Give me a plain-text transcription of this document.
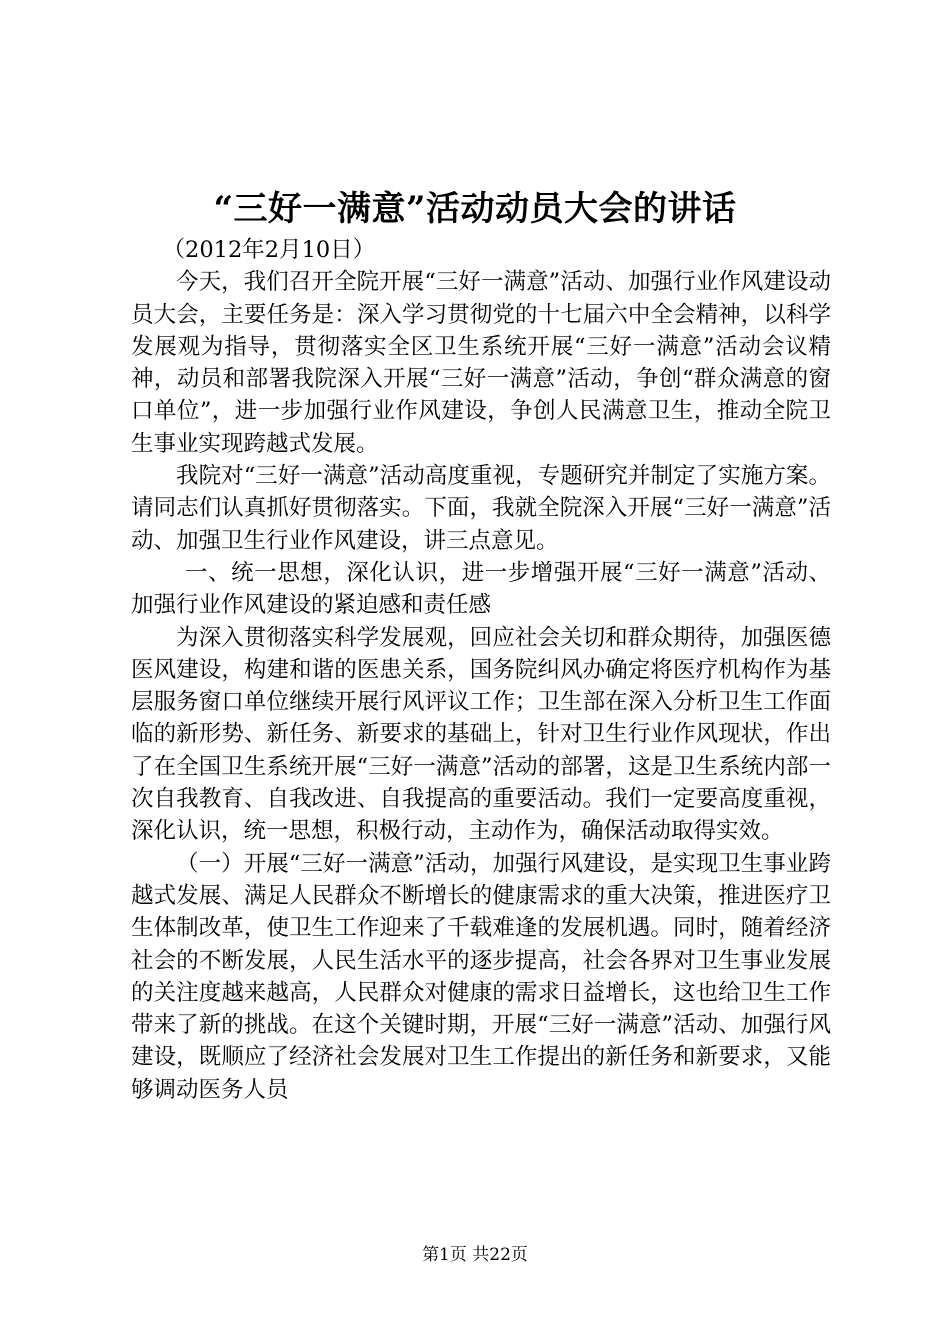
“三好一满意”活动动员大会的讲话

（2012年2月10日）

今天，我们召开全院开展“三好一满意”活动、加强行业作风建设动员大会，主要任务是：深入学习贯彻党的十七届六中全会精神，以科学发展观为指导，贯彻落实全区卫生系统开展“三好一满意”活动会议精神，动员和部署我院深入开展“三好一满意”活动，争创“群众满意的窗口单位”，进一步加强行业作风建设，争创人民满意卫生，推动全院卫生事业实现跨越式发展。

我院对“三好一满意”活动高度重视，专题研究并制定了实施方案。请同志们认真抓好贯彻落实。下面，我就全院深入开展“三好一满意”活动、加强卫生行业作风建设，讲三点意见。

一、统一思想，深化认识，进一步增强开展“三好一满意”活动、加强行业作风建设的紧迫感和责任感

为深入贯彻落实科学发展观，回应社会关切和群众期待，加强医德医风建设，构建和谐的医患关系，国务院纠风办确定将医疗机构作为基层服务窗口单位继续开展行风评议工作；卫生部在深入分析卫生工作面临的新形势、新任务、新要求的基础上，针对卫生行业作风现状，作出了在全国卫生系统开展“三好一满意”活动的部署，这是卫生系统内部一次自我教育、自我改进、自我提高的重要活动。我们一定要高度重视，深化认识，统一思想，积极行动，主动作为，确保活动取得实效。

（一）开展“三好一满意”活动，加强行风建设，是实现卫生事业跨越式发展、满足人民群众不断增长的健康需求的重大决策，推进医疗卫生体制改革，使卫生工作迎来了千载难逢的发展机遇。同时，随着经济社会的不断发展，人民生活水平的逐步提高，社会各界对卫生事业发展的关注度越来越高，人民群众对健康的需求日益增长，这也给卫生工作带来了新的挑战。在这个关键时期，开展“三好一满意”活动、加强行风建设，既顺应了经济社会发展对卫生工作提出的新任务和新要求，又能够调动医务人员

第1页 共22页
